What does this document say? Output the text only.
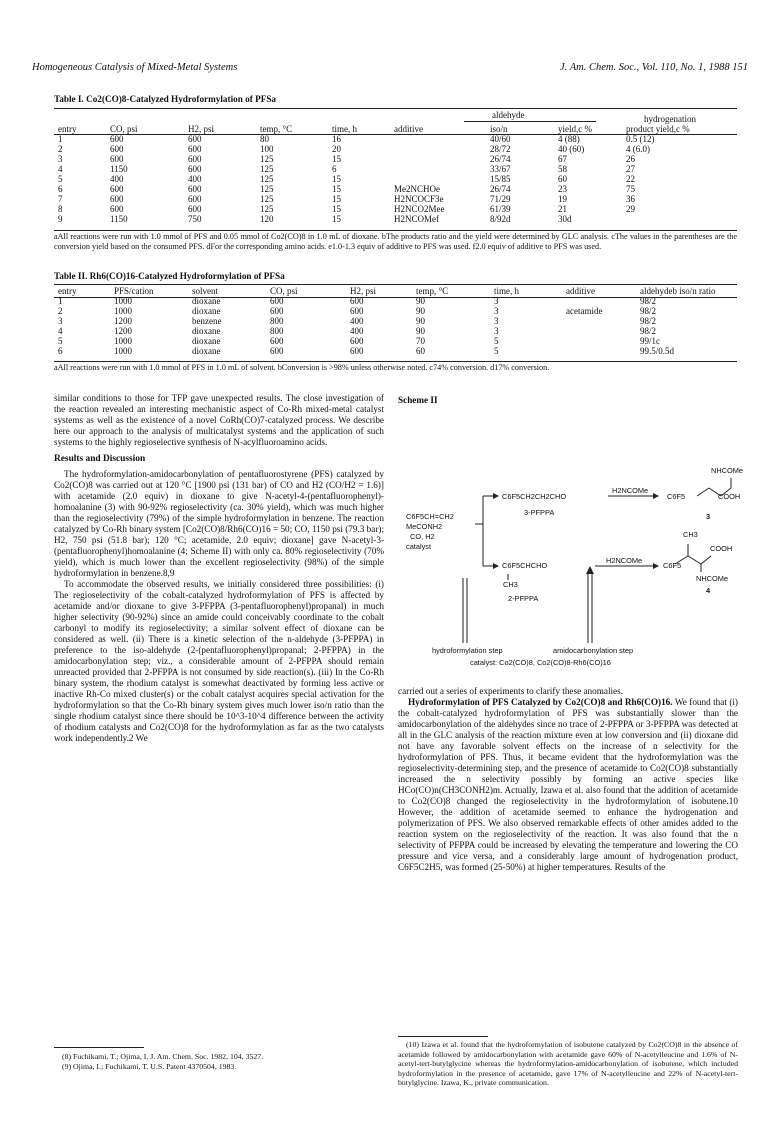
Homogeneous Catalysis of Mixed-Metal Systems	J. Am. Chem. Soc., Vol. 110, No. 1, 1988 151
Table I. Co2(CO)8-Catalyzed Hydroformylation of PFSa
aldehyde	hydrogenation
entry	CO, psi	H2, psi	temp, °C	time, h	additive	iso/n	yield,c %	product yield,c %
1	600	600	80	16		40/60	4 (88)	0.5 (12)
2	600	600	100	20		28/72	40 (60)	4 (6.0)
3	600	600	125	15		26/74	67	26
4	1150	600	125	6		33/67	58	27
5	400	400	125	15		15/85	60	22
6	600	600	125	15	Me2NCHOe	26/74	23	75
7	600	600	125	15	H2NCOCF3e	71/29	19	36
8	600	600	125	15	H2NCO2Mee	61/39	21	29
9	1150	750	120	15	H2NCOMef	8/92d	30d	
aAll reactions were run with 1.0 mmol of PFS and 0.05 mmol of Co2(CO)8 in 1.0 mL of dioxane. bThe products ratio and the yield were determined by GLC analysis. cThe values in the parentheses are the conversion yield based on the consumed PFS. dFor the corresponding amino acids. e1.0-1.3 equiv of additive to PFS was used. f2.0 equiv of additive to PFS was used.
Table II. Rh6(CO)16-Catalyzed Hydroformylation of PFSa
entry	PFS/cation	solvent	CO, psi	H2, psi	temp, °C	time, h	additive	aldehydeb iso/n ratio
1	1000	dioxane	600	600	90	3		98/2
2	1000	dioxane	600	600	90	3	acetamide	98/2
3	1200	benzene	800	400	90	3		98/2
4	1200	dioxane	800	400	90	3		98/2
5	1000	dioxane	600	600	70	5		99/1c
6	1000	dioxane	600	600	60	5		99.5/0.5d
aAll reactions were run with 1.0 mmol of PFS in 1.0 mL of solvent. bConversion is >98% unless otherwise noted. c74% conversion. d17% conversion.

similar conditions to those for TFP gave unexpected results. The close investigation of the reaction revealed an interesting mechanistic aspect of Co-Rh mixed-metal catalyst systems as well as the existence of a novel CoRh(CO)7-catalyzed process. We describe here our approach to the analysis of multicatalyst systems and the application of such systems to the highly regioselective synthesis of N-acylfluoroamino acids.

Results and Discussion

The hydroformylation-amidocarbonylation of pentafluorostyrene (PFS) catalyzed by Co2(CO)8 was carried out at 120 °C [1900 psi (131 bar) of CO and H2 (CO/H2 = 1.6)] with acetamide (2.0 equiv) in dioxane to give N-acetyl-4-(pentafluorophenyl)-homoalanine (3) with 90-92% regioselectivity (ca. 30% yield), which was much higher than the regioselectivity (79%) of the simple hydroformylation in benzene. The reaction catalyzed by Co-Rh binary system [Co2(CO)8/Rh6(CO)16 = 50; CO, 1150 psi (79.3 bar); H2, 750 psi (51.8 bar); 120 °C; acetamide, 2.0 equiv; dioxane] gave N-acetyl-3-(pentafluorophenyl)homoalanine (4; Scheme II) with only ca. 80% regioselectivity (70% yield), which is much lower than the excellent regioselectivity (98%) of the simple hydroformylation in benzene.8,9

To accommodate the observed results, we initially considered three possibilities: (i) The regioselectivity of the cobalt-catalyzed hydroformylation of PFS is affected by acetamide and/or dioxane to give 3-PFPPA (3-pentafluorophenyl)propanal) in much higher selectivity (90-92%) since an amide could conceivably coordinate to the cobalt carbonyl to modify its regioselectivity; a similar solvent effect of dioxane can be considered as well. (ii) There is a kinetic selection of the n-aldehyde (3-PFPPA) in preference to the iso-aldehyde (2-(pentafluorophenyl)propanal; 2-PFPPA) in the amidocarbonylation step; viz., a considerable amount of 2-PFPPA should remain unreacted provided that 2-PFPPA is not consumed by side reaction(s). (iii) In the Co-Rh binary system, the rhodium catalyst is somewhat deactivated by forming less active or inactive Rh-Co mixed cluster(s) or the cobalt catalyst acquires special activation for the hydroformylation so that the Co-Rh binary system gives much lower iso/n ratio than the single rhodium catalyst since there should be 10^3-10^4 difference between the activity of rhodium catalysts and Co2(CO)8 for the hydroformylation as far as the two catalysts work independently.2 We

(8) Fuchikami, T.; Ojima, I. J. Am. Chem. Soc. 1982, 104, 3527.

(9) Ojima, I.; Fuchikami, T. U.S. Patent 4370504, 1983.

Scheme II
C6F5CH=CH2
MeCONH2
CO, H2
catalyst
C6F5CH2CH2CHO
3-PFPPA
C6F5CHCHO
CH3
2-PFPPA
H2NCOMe
H2NCOMe
NHCOMe
C6F5	COOH
3
CH3
COOH
C6F5
NHCOMe
4
hydroformylation step	amidocarbonylation step
catalyst: Co2(CO)8, Co2(CO)8-Rh6(CO)16

carried out a series of experiments to clarify these anomalies.

Hydroformylation of PFS Catalyzed by Co2(CO)8 and Rh6(CO)16. We found that (i) the cobalt-catalyzed hydroformylation of PFS was substantially slower than the amidocarbonylation of the aldehydes since no trace of 2-PFPPA or 3-PFPPA was detected at all in the GLC analysis of the reaction mixture even at low conversion and (ii) dioxane did not have any favorable solvent effects on the increase of n selectivity for the hydroformylation of PFS. Thus, it became evident that the hydroformylation was the regioselectivity-determining step, and the presence of acetamide to Co2(CO)8 substantially increased the n selectivity possibly by forming an active species like HCo(CO)n(CH3CONH2)m. Actually, Izawa et al. also found that the addition of acetamide to Co2(CO)8 changed the regioselectivity in the hydroformylation of isobutene.10 However, the addition of acetamide seemed to enhance the hydrogenation and polymerization of PFS. We also observed remarkable effects of other amides added to the reaction system on the regioselectivity of the reaction. It was also found that the n selectivity of PFPPA could be increased by elevating the temperature and lowering the CO pressure and vice versa, and a considerably large amount of hydrogenation product, C6F5C2H5, was formed (25-50%) at higher temperatures. Results of the

(10) Izawa et al. found that the hydroformylation of isobutene catalyzed by Co2(CO)8 in the absence of acetamide followed by amidocarbonylation with acetamide gave 60% of N-acetylleucine and 1.6% of N-acetyl-tert-butylglycine whereas the hydroformylation-amidocarbonylation of isobutene, which included hydroformylation in the presence of acetamide, gave 17% of N-acetylleucine and 22% of N-acetyl-tert-butylglycine. Izawa, K., private communication.
